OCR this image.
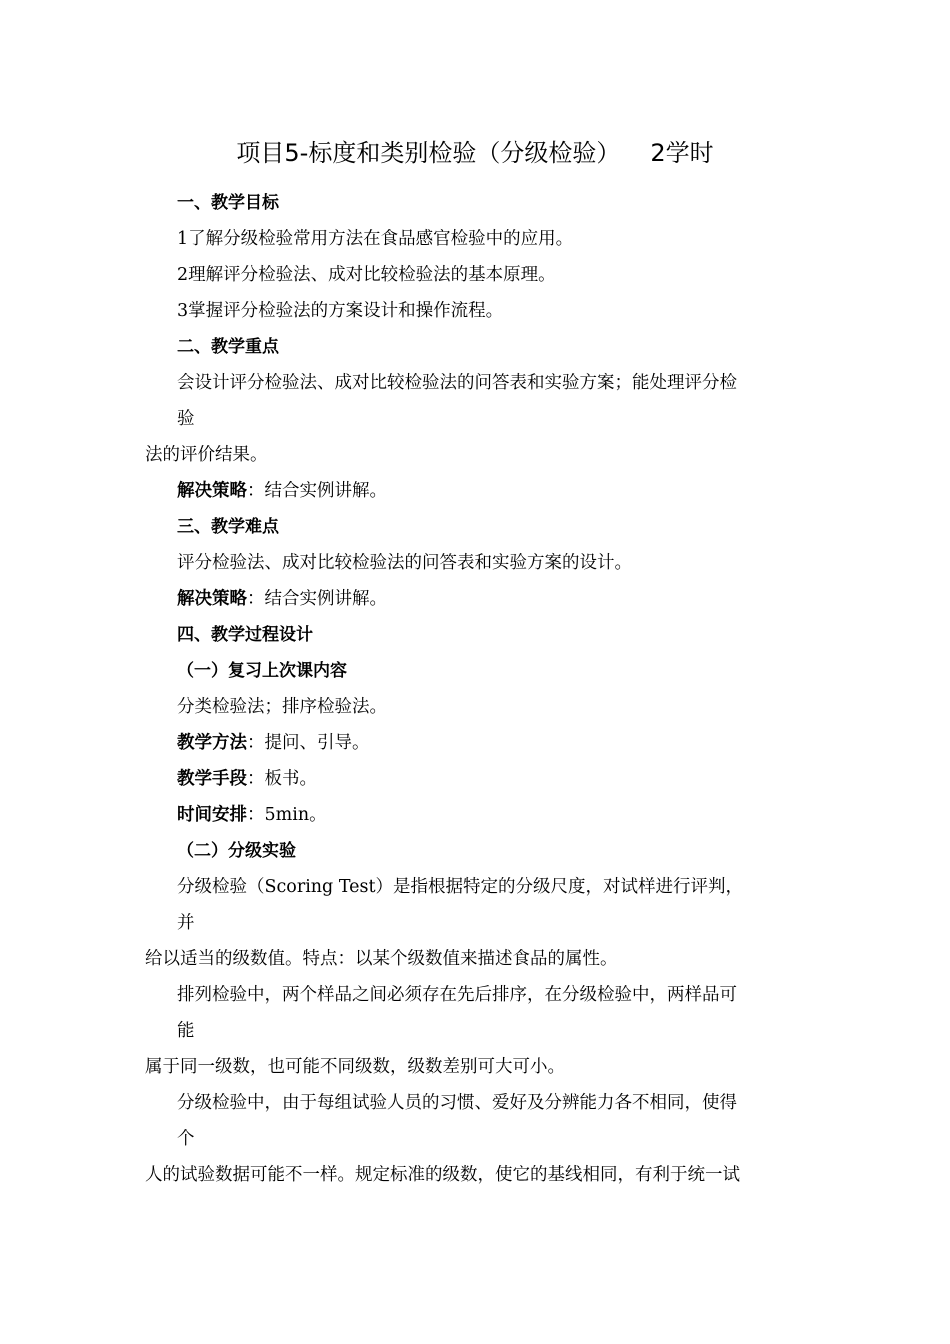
项目5-标度和类别检验（分级检验） 2学时
一、教学目标
1了解分级检验常用方法在食品感官检验中的应用。
2理解评分检验法、成对比较检验法的基本原理。
3掌握评分检验法的方案设计和操作流程。
二、教学重点
会设计评分检验法、成对比较检验法的问答表和实验方案；能处理评分检
验
法的评价结果。
解决策略：结合实例讲解。
三、教学难点
评分检验法、成对比较检验法的问答表和实验方案的设计。
解决策略：结合实例讲解。
四、教学过程设计
（一）复习上次课内容
分类检验法；排序检验法。
教学方法：提问、引导。
教学手段：板书。
时间安排：5min。
（二）分级实验
分级检验（Scoring Test）是指根据特定的分级尺度，对试样进行评判，
并
给以适当的级数值。特点：以某个级数值来描述食品的属性。
排列检验中，两个样品之间必须存在先后排序，在分级检验中，两样品可
能
属于同一级数，也可能不同级数，级数差别可大可小。
分级检验中，由于每组试验人员的习惯、爱好及分辨能力各不相同，使得
个
人的试验数据可能不一样。规定标准的级数，使它的基线相同，有利于统一试
